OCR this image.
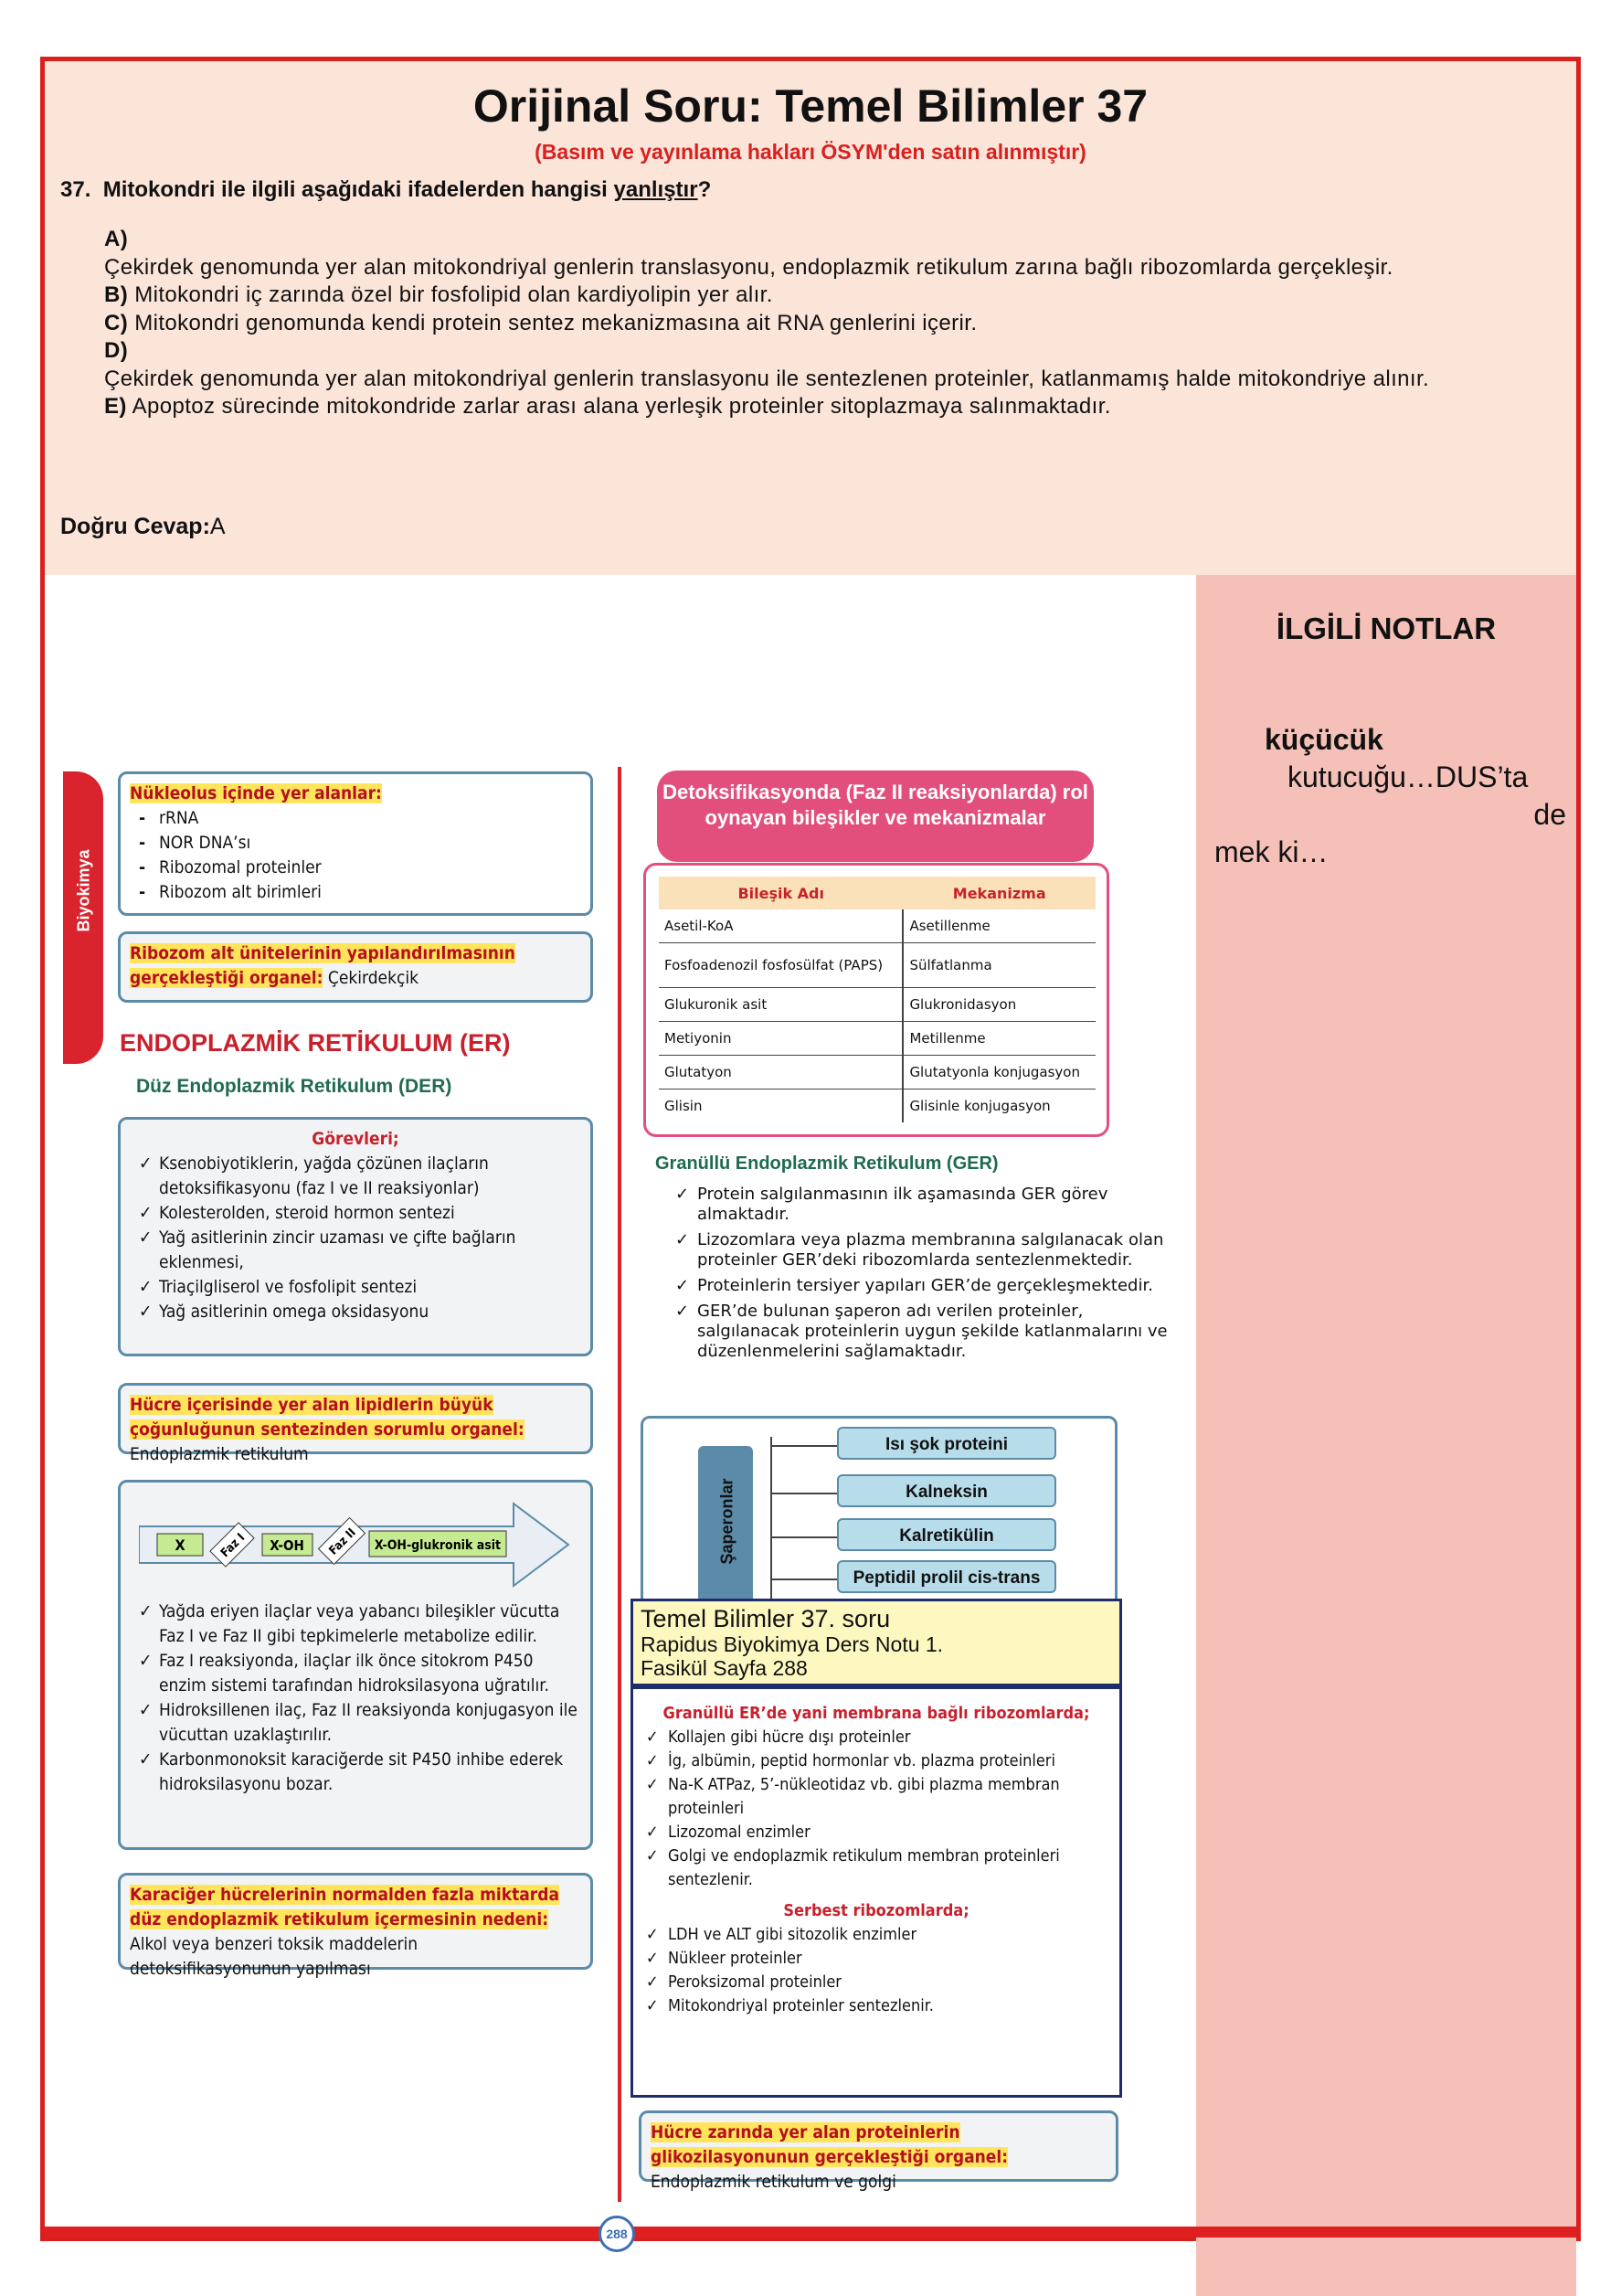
Orijinal Soru: Temel Bilimler 37
(Basım ve yayınlama hakları ÖSYM'den satın alınmıştır)
37. Mitokondri ile ilgili aşağıdaki ifadelerden hangisi yanlıştır?
A)
Çekirdek genomunda yer alan mitokondriyal genlerin translasyonu, endoplazmik retikulum zarına bağlı ribozomlarda gerçekleşir.
B) Mitokondri iç zarında özel bir fosfolipid olan kardiyolipin yer alır.
C) Mitokondri genomunda kendi protein sentez mekanizmasına ait RNA genlerini içerir.
D)
Çekirdek genomunda yer alan mitokondriyal genlerin translasyonu ile sentezlenen proteinler, katlanmamış halde mitokondriye alınır.
E) Apoptoz sürecinde mitokondride zarlar arası alana yerleşik proteinler sitoplazmaya salınmaktadır.
Doğru Cevap:A
Biyokimya
Nükleolus içinde yer alanlar:
- rRNA
- NOR DNA’sı
- Ribozomal proteinler
- Ribozom alt birimleri
Ribozom alt ünitelerinin yapılandırılmasının gerçekleştiği organel: Çekirdekçik
ENDOPLAZMİK RETİKULUM (ER)
Düz Endoplazmik Retikulum (DER)
Görevleri;
✓ Ksenobiyotiklerin, yağda çözünen ilaçların detoksifikasyonu (faz I ve II reaksiyonlar)
✓ Kolesterolden, steroid hormon sentezi
✓ Yağ asitlerinin zincir uzaması ve çifte bağların eklenmesi,
✓ Triaçilgliserol ve fosfolipit sentezi
✓ Yağ asitlerinin omega oksidasyonu
Hücre içerisinde yer alan lipidlerin büyük çoğunluğunun sentezinden sorumlu organel: Endoplazmik retikulum
X	X-OH	X-OH-glukronik asit
Faz I	Faz II
✓ Yağda eriyen ilaçlar veya yabancı bileşikler vücutta Faz I ve Faz II gibi tepkimelerle metabolize edilir.
✓ Faz I reaksiyonda, ilaçlar ilk önce sitokrom P450 enzim sistemi tarafından hidroksilasyona uğratılır.
✓ Hidroksillenen ilaç, Faz II reaksiyonda konjugasyon ile vücuttan uzaklaştırılır.
✓ Karbonmonoksit karaciğerde sit P450 inhibe ederek hidroksilasyonu bozar.
Karaciğer hücrelerinin normalden fazla miktarda düz endoplazmik retikulum içermesinin nedeni: Alkol veya benzeri toksik maddelerin detoksifikasyonunun yapılması
Detoksifikasyonda (Faz II reaksiyonlarda) rol oynayan bileşikler ve mekanizmalar
Bileşik Adı	Mekanizma
Asetil-KoA	Asetillenme
Fosfoadenozil fosfosülfat (PAPS)	Sülfatlanma
Glukuronik asit	Glukronidasyon
Metiyonin	Metillenme
Glutatyon	Glutatyonla konjugasyon
Glisin	Glisinle konjugasyon
Granüllü Endoplazmik Retikulum (GER)
✓ Protein salgılanmasının ilk aşamasında GER görev almaktadır.
✓ Lizozomlara veya plazma membranına salgılanacak olan proteinler GER’deki ribozomlarda sentezlenmektedir.
✓ Proteinlerin tersiyer yapıları GER’de gerçekleşmektedir.
✓ GER’de bulunan şaperon adı verilen proteinler, salgılanacak proteinlerin uygun şekilde katlanmalarını ve düzenlenmelerini sağlamaktadır.
Şaperonlar
Isı şok proteini
Kalneksin
Kalretikülin
Peptidil prolil cis-trans
Temel Bilimler 37. soru
Rapidus Biyokimya Ders Notu 1.
Fasikül Sayfa 288
Granüllü ER’de yani membrana bağlı ribozomlarda;
✓ Kollajen gibi hücre dışı proteinler
✓ İg, albümin, peptid hormonlar vb. plazma proteinleri
✓ Na-K ATPaz, 5’-nükleotidaz vb. gibi plazma membran proteinleri
✓ Lizozomal enzimler
✓ Golgi ve endoplazmik retikulum membran proteinleri sentezlenir.
Serbest ribozomlarda;
✓ LDH ve ALT gibi sitozolik enzimler
✓ Nükleer proteinler
✓ Peroksizomal proteinler
✓ Mitokondriyal proteinler sentezlenir.
Hücre zarında yer alan proteinlerin glikozilasyonunun gerçekleştiği organel: Endoplazmik retikulum ve golgi
İLGİLİ NOTLAR
küçücük
kutucuğu…DUS’ta
de
mek ki…
288
